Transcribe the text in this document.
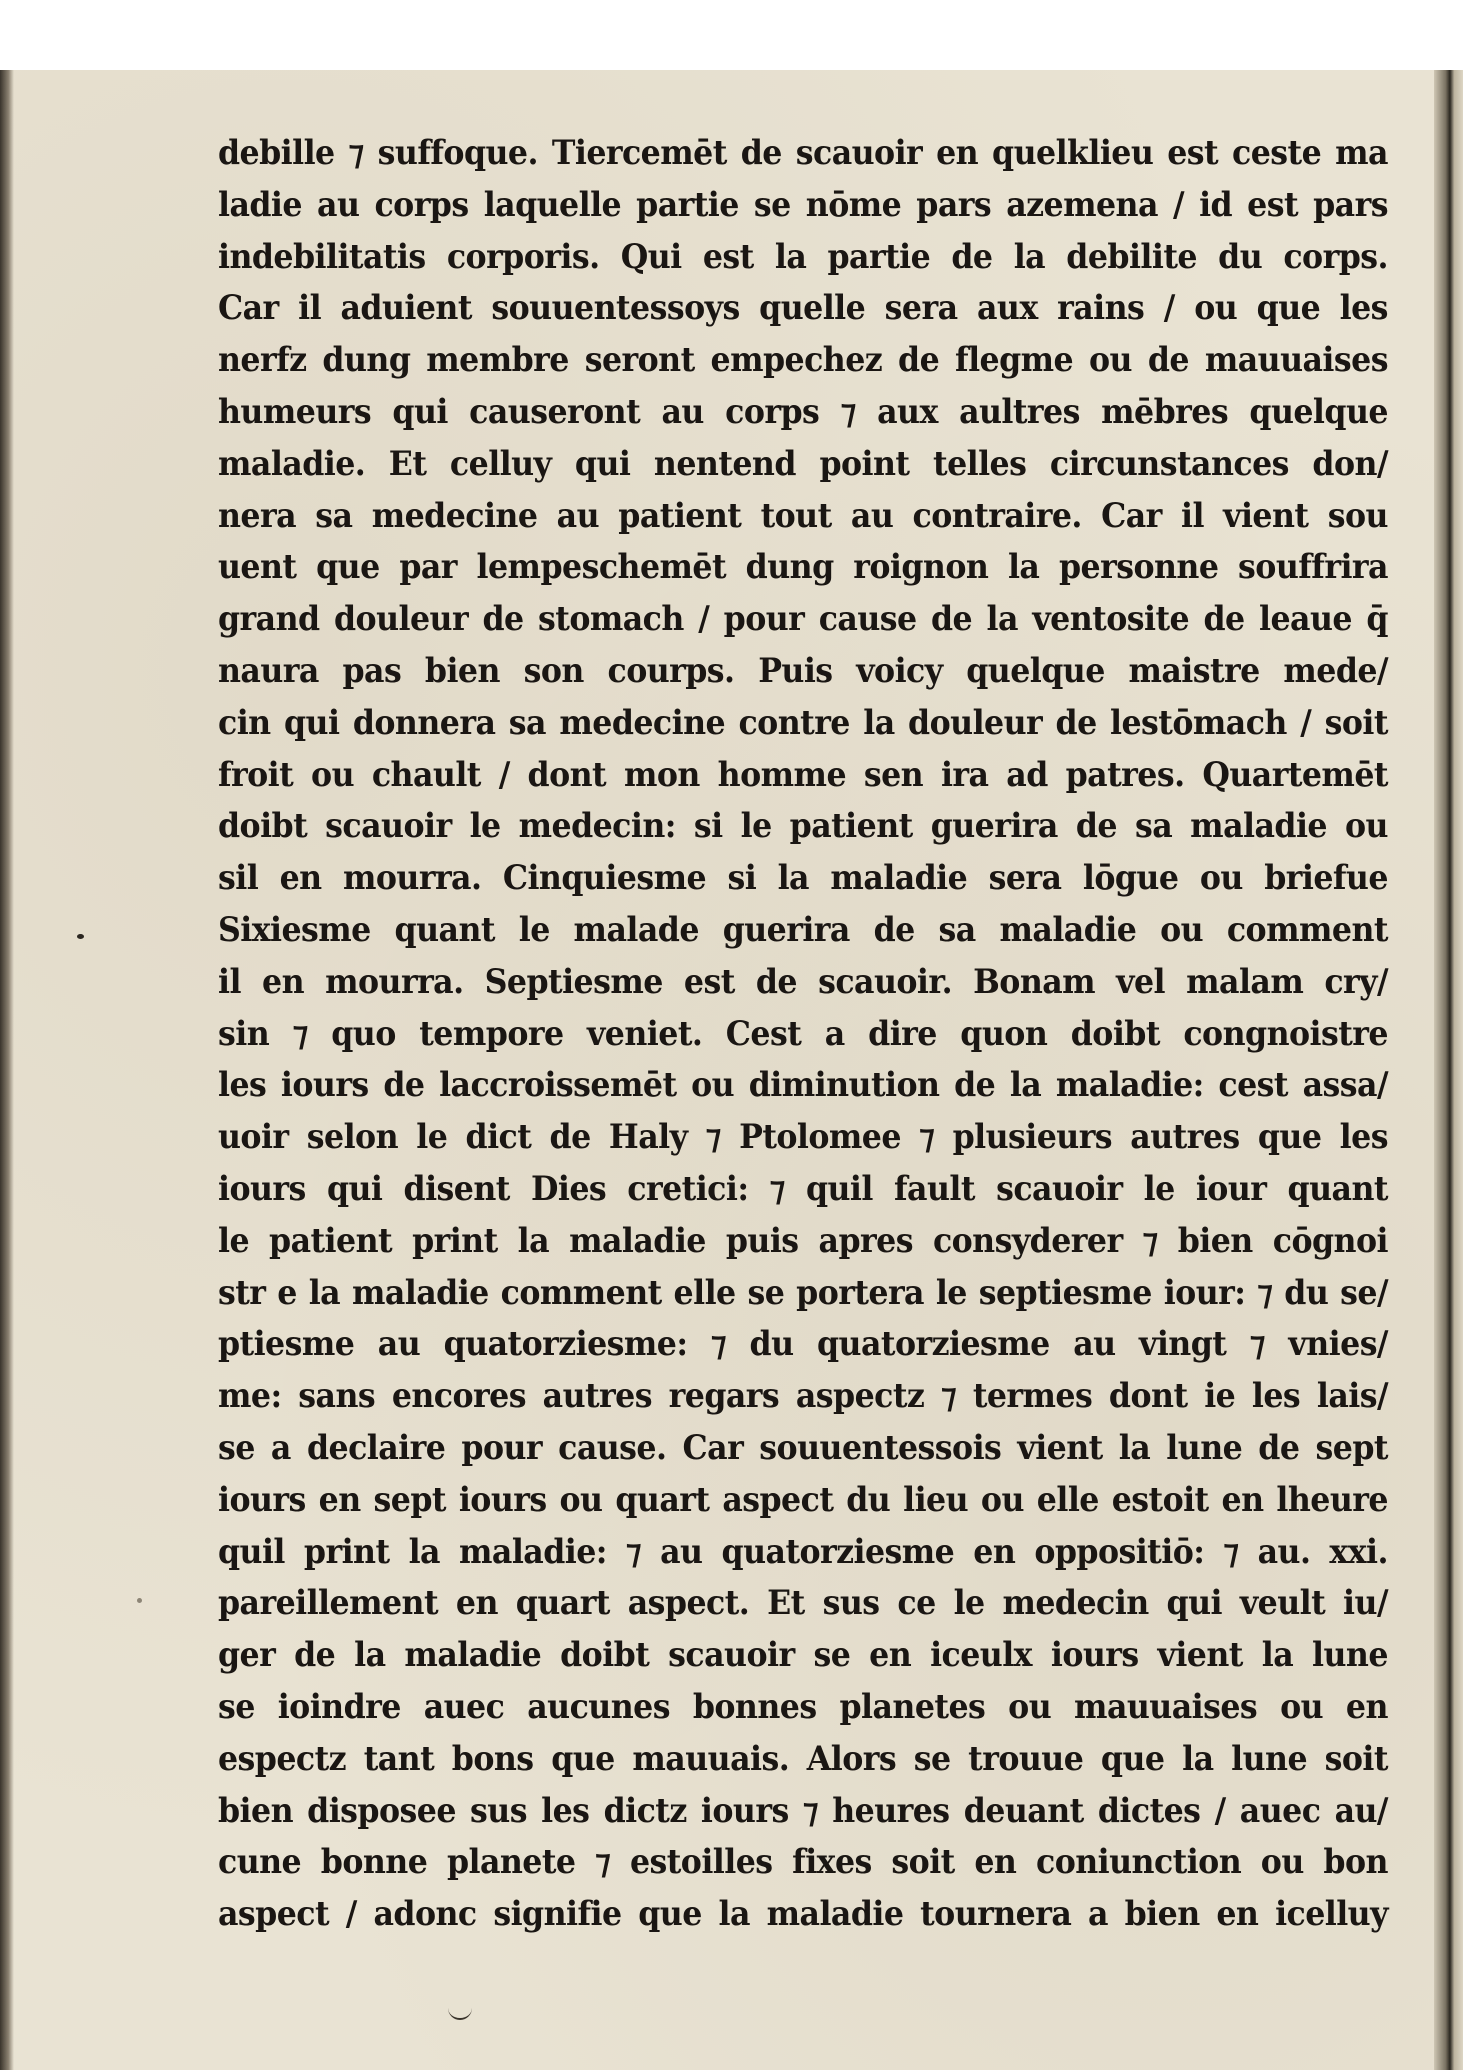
debille ⁊ suffoque. Tiercemēt de scauoir en quelklieu est ceste ma
ladie au corps laquelle partie se nōme pars azemena / id est pars
indebilitatis corporis. Qui est la partie de la debilite du corps.
Car il aduient souuentessoys quelle sera aux rains / ou que les
nerfz dung membre seront empechez de flegme ou de mauuaises
humeurs qui causeront au corps ⁊ aux aultres mēbres quelque
maladie. Et celluy qui nentend point telles circunstances don/
nera sa medecine au patient tout au contraire. Car il vient sou
uent que par lempeschemēt dung roignon la personne souffrira
grand douleur de stomach / pour cause de la ventosite de leaue q̄
naura pas bien son courps. Puis voicy quelque maistre mede/
cin qui donnera sa medecine contre la douleur de lestōmach / soit
froit ou chault / dont mon homme sen ira ad patres. Quartemēt
doibt scauoir le medecin: si le patient guerira de sa maladie ou
sil en mourra. Cinquiesme si la maladie sera lōgue ou briefue
Sixiesme quant le malade guerira de sa maladie ou comment
il en mourra. Septiesme est de scauoir. Bonam vel malam cry/
sin ⁊ quo tempore veniet. Cest a dire quon doibt congnoistre
les iours de laccroissemēt ou diminution de la maladie: cest assa/
uoir selon le dict de Haly ⁊ Ptolomee ⁊ plusieurs autres que les
iours qui disent Dies cretici: ⁊ quil fault scauoir le iour quant
le patient print la maladie puis apres consyderer ⁊ bien cōgnoi
str e la maladie comment elle se portera le septiesme iour: ⁊ du se/
ptiesme au quatorziesme: ⁊ du quatorziesme au vingt ⁊ vnies/
me: sans encores autres regars aspectz ⁊ termes dont ie les lais/
se a declaire pour cause. Car souuentessois vient la lune de sept
iours en sept iours ou quart aspect du lieu ou elle estoit en lheure
quil print la maladie: ⁊ au quatorziesme en oppositiō: ⁊ au. xxi.
pareillement en quart aspect. Et sus ce le medecin qui veult iu/
ger de la maladie doibt scauoir se en iceulx iours vient la lune
se ioindre auec aucunes bonnes planetes ou mauuaises ou en
espectz tant bons que mauuais. Alors se trouue que la lune soit
bien disposee sus les dictz iours ⁊ heures deuant dictes / auec au/
cune bonne planete ⁊ estoilles fixes soit en coniunction ou bon
aspect / adonc signifie que la maladie tournera a bien en icelluy
